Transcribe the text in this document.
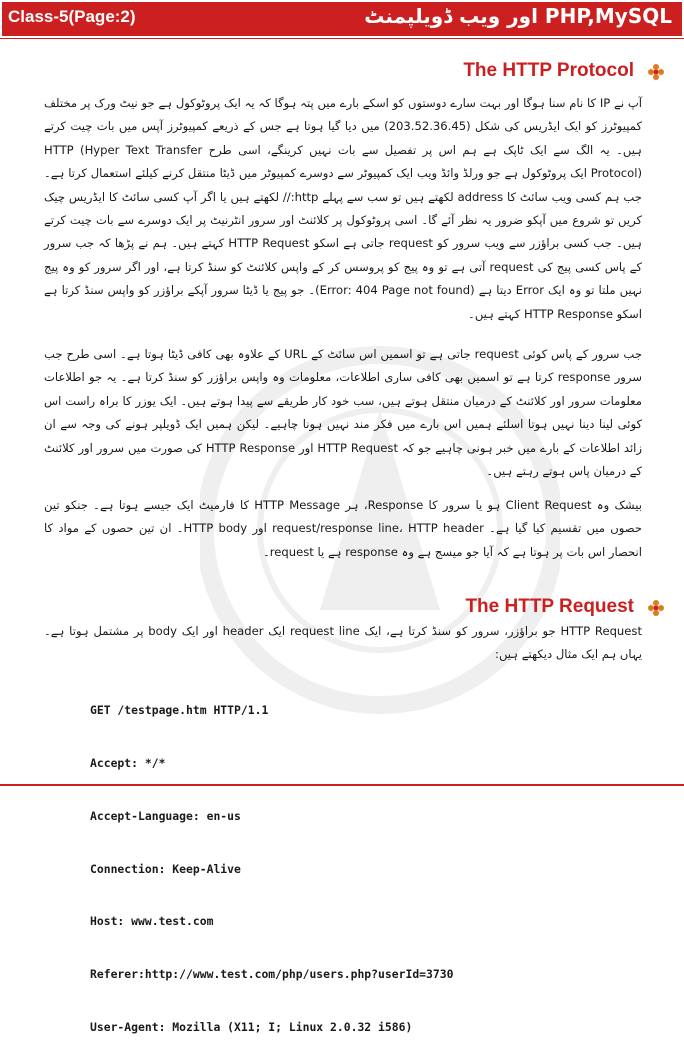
Class-5(Page:2)	PHP,MySQL اور ویب ڈویلپمنٹ
The HTTP Protocol

آپ نے IP کا نام سنا ہوگا اور بہت سارے دوستوں کو اسکے بارے میں پتہ ہوگا کہ یہ ایک پروٹوکول ہے جو نیٹ ورک پر مختلف کمپیوٹرز کو ایک ایڈریس کی شکل (203.52.36.45) میں دیا گیا ہوتا ہے جس کے ذریعے کمپیوٹرز آپس میں بات چیت کرتے ہیں۔ یہ الگ سے ایک ٹاپک ہے ہم اس پر تفصیل سے بات نہیں کرینگے، اسی طرح HTTP (Hyper Text Transfer Protocol) ایک پروٹوکول ہے جو ورلڈ وائڈ ویب ایک کمپیوٹر سے دوسرے کمپیوٹر میں ڈیٹا منتقل کرنے کیلئے استعمال کرتا ہے۔ جب ہم کسی ویب سائٹ کا address لکھتے ہیں تو سب سے پہلے http:// لکھتے ہیں یا اگر آپ کسی سائٹ کا ایڈریس چیک کریں تو شروع میں آپکو ضرور یہ نظر آئے گا۔ اسی پروٹوکول پر کلائنٹ اور سرور انٹرنیٹ پر ایک دوسرے سے بات چیت کرتے ہیں۔ جب کسی براؤزر سے ویب سرور کو request جاتی ہے اسکو HTTP Request کہتے ہیں۔ ہم نے پڑھا کہ جب سرور کے پاس کسی پیج کی request آتی ہے تو وہ پیج کو پروسس کر کے واپس کلائنٹ کو سنڈ کرتا ہے، اور اگر سرور کو وہ پیج نہیں ملتا تو وہ ایک Error دیتا ہے (Error: 404 Page not found)۔ جو پیج یا ڈیٹا سرور آپکے براؤزر کو واپس سنڈ کرتا ہے اسکو HTTP Response کہتے ہیں۔

جب سرور کے پاس کوئی request جاتی ہے تو اسمیں اس سائٹ کے URL کے علاوہ بھی کافی ڈیٹا ہوتا ہے۔ اسی طرح جب سرور response کرتا ہے تو اسمیں بھی کافی ساری اطلاعات، معلومات وہ واپس براؤزر کو سنڈ کرتا ہے۔ یہ جو اطلاعات معلومات سرور اور کلائنٹ کے درمیان منتقل ہوتے ہیں، سب خود کار طریقے سے پیدا ہوتے ہیں۔ ایک یوزر کا براہ راست اس کوئی لینا دینا نہیں ہوتا اسلئے ہمیں اس بارے میں فکر مند نہیں ہونا چاہیے۔ لیکن ہمیں ایک ڈویلپر ہونے کی وجہ سے ان زائد اطلاعات کے بارے میں خبر ہونی چاہیے جو کہ HTTP Request اور HTTP Response کی صورت میں سرور اور کلائنٹ کے درمیان پاس ہوتے رہتے ہیں۔

بیشک وہ Client Request ہو یا سرور کا Response، ہر HTTP Message کا فارمیٹ ایک جیسے ہوتا ہے۔ جنکو تین حصوں میں تقسیم کیا گیا ہے۔ request/response line، HTTP header اور HTTP body۔ ان تین حصوں کے مواد کا انحصار اس بات پر ہوتا ہے کہ آیا جو میسج ہے وہ response ہے یا request۔

The HTTP Request

HTTP Request جو براؤزر، سرور کو سنڈ کرتا ہے، ایک request line ایک header اور ایک body پر مشتمل ہوتا ہے۔ یہاں ہم ایک مثال دیکھتے ہیں:

GET /testpage.htm HTTP/1.1

Accept: */*

Accept-Language: en-us

Connection: Keep-Alive

Host: www.test.com

Referer:http://www.test.com/php/users.php?userId=3730

User-Agent: Mozilla (X11; I; Linux 2.0.32 i586)
